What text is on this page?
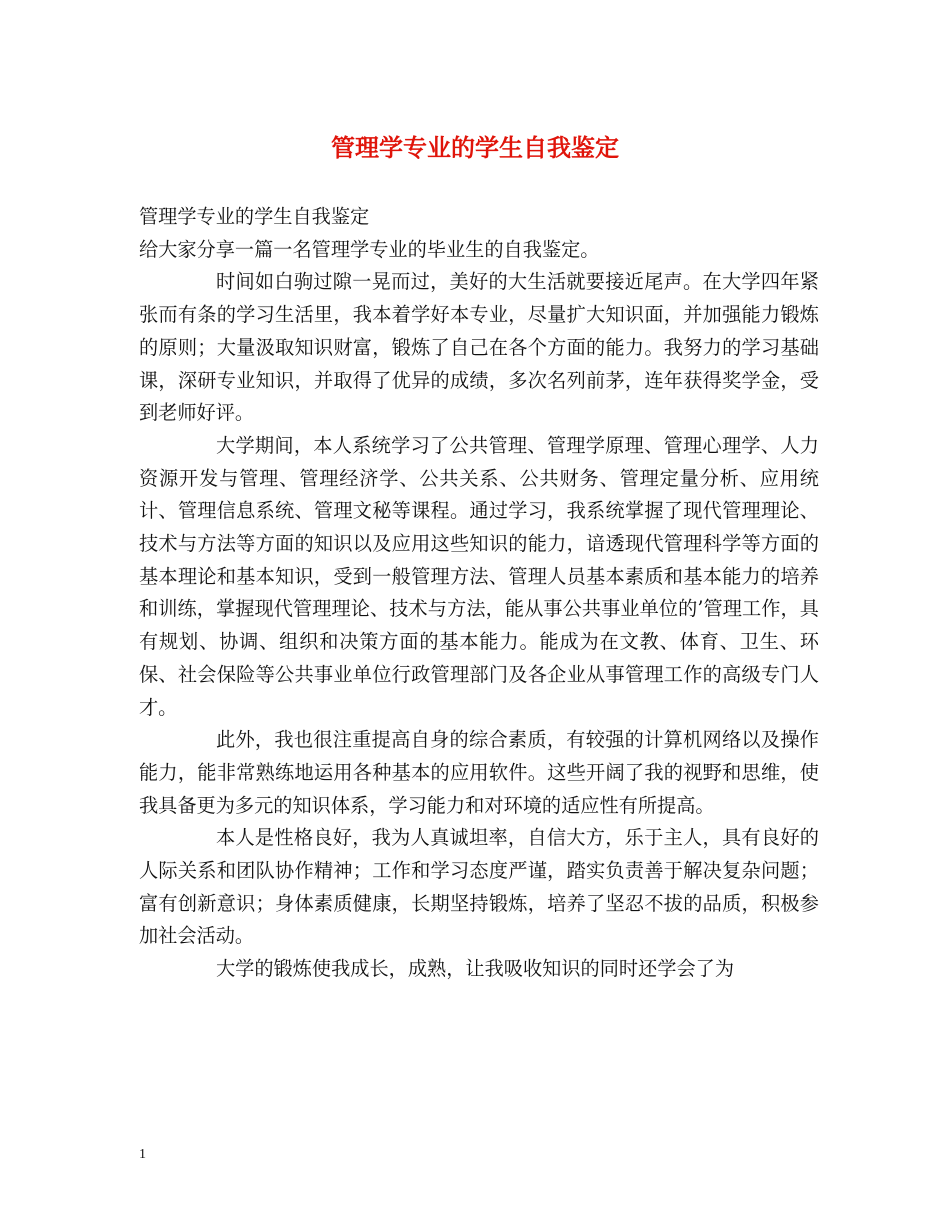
管理学专业的学生自我鉴定

管理学专业的学生自我鉴定

给大家分享一篇一名管理学专业的毕业生的自我鉴定。

时间如白驹过隙一晃而过，美好的大生活就要接近尾声。在大学四年紧张而有条的学习生活里，我本着学好本专业，尽量扩大知识面，并加强能力锻炼的原则；大量汲取知识财富，锻炼了自己在各个方面的能力。我努力的学习基础课，深研专业知识，并取得了优异的成绩，多次名列前茅，连年获得奖学金，受到老师好评。

大学期间，本人系统学习了公共管理、管理学原理、管理心理学、人力资源开发与管理、管理经济学、公共关系、公共财务、管理定量分析、应用统计、管理信息系统、管理文秘等课程。通过学习，我系统掌握了现代管理理论、技术与方法等方面的知识以及应用这些知识的能力，谙透现代管理科学等方面的基本理论和基本知识，受到一般管理方法、管理人员基本素质和基本能力的培养和训练，掌握现代管理理论、技术与方法，能从事公共事业单位的’管理工作，具有规划、协调、组织和决策方面的基本能力。能成为在文教、体育、卫生、环保、社会保险等公共事业单位行政管理部门及各企业从事管理工作的高级专门人才。

此外，我也很注重提高自身的综合素质，有较强的计算机网络以及操作能力，能非常熟练地运用各种基本的应用软件。这些开阔了我的视野和思维，使我具备更为多元的知识体系，学习能力和对环境的适应性有所提高。

本人是性格良好，我为人真诚坦率，自信大方，乐于主人，具有良好的人际关系和团队协作精神；工作和学习态度严谨，踏实负责善于解决复杂问题；富有创新意识；身体素质健康，长期坚持锻炼，培养了坚忍不拔的品质，积极参加社会活动。

大学的锻炼使我成长，成熟，让我吸收知识的同时还学会了为

1
